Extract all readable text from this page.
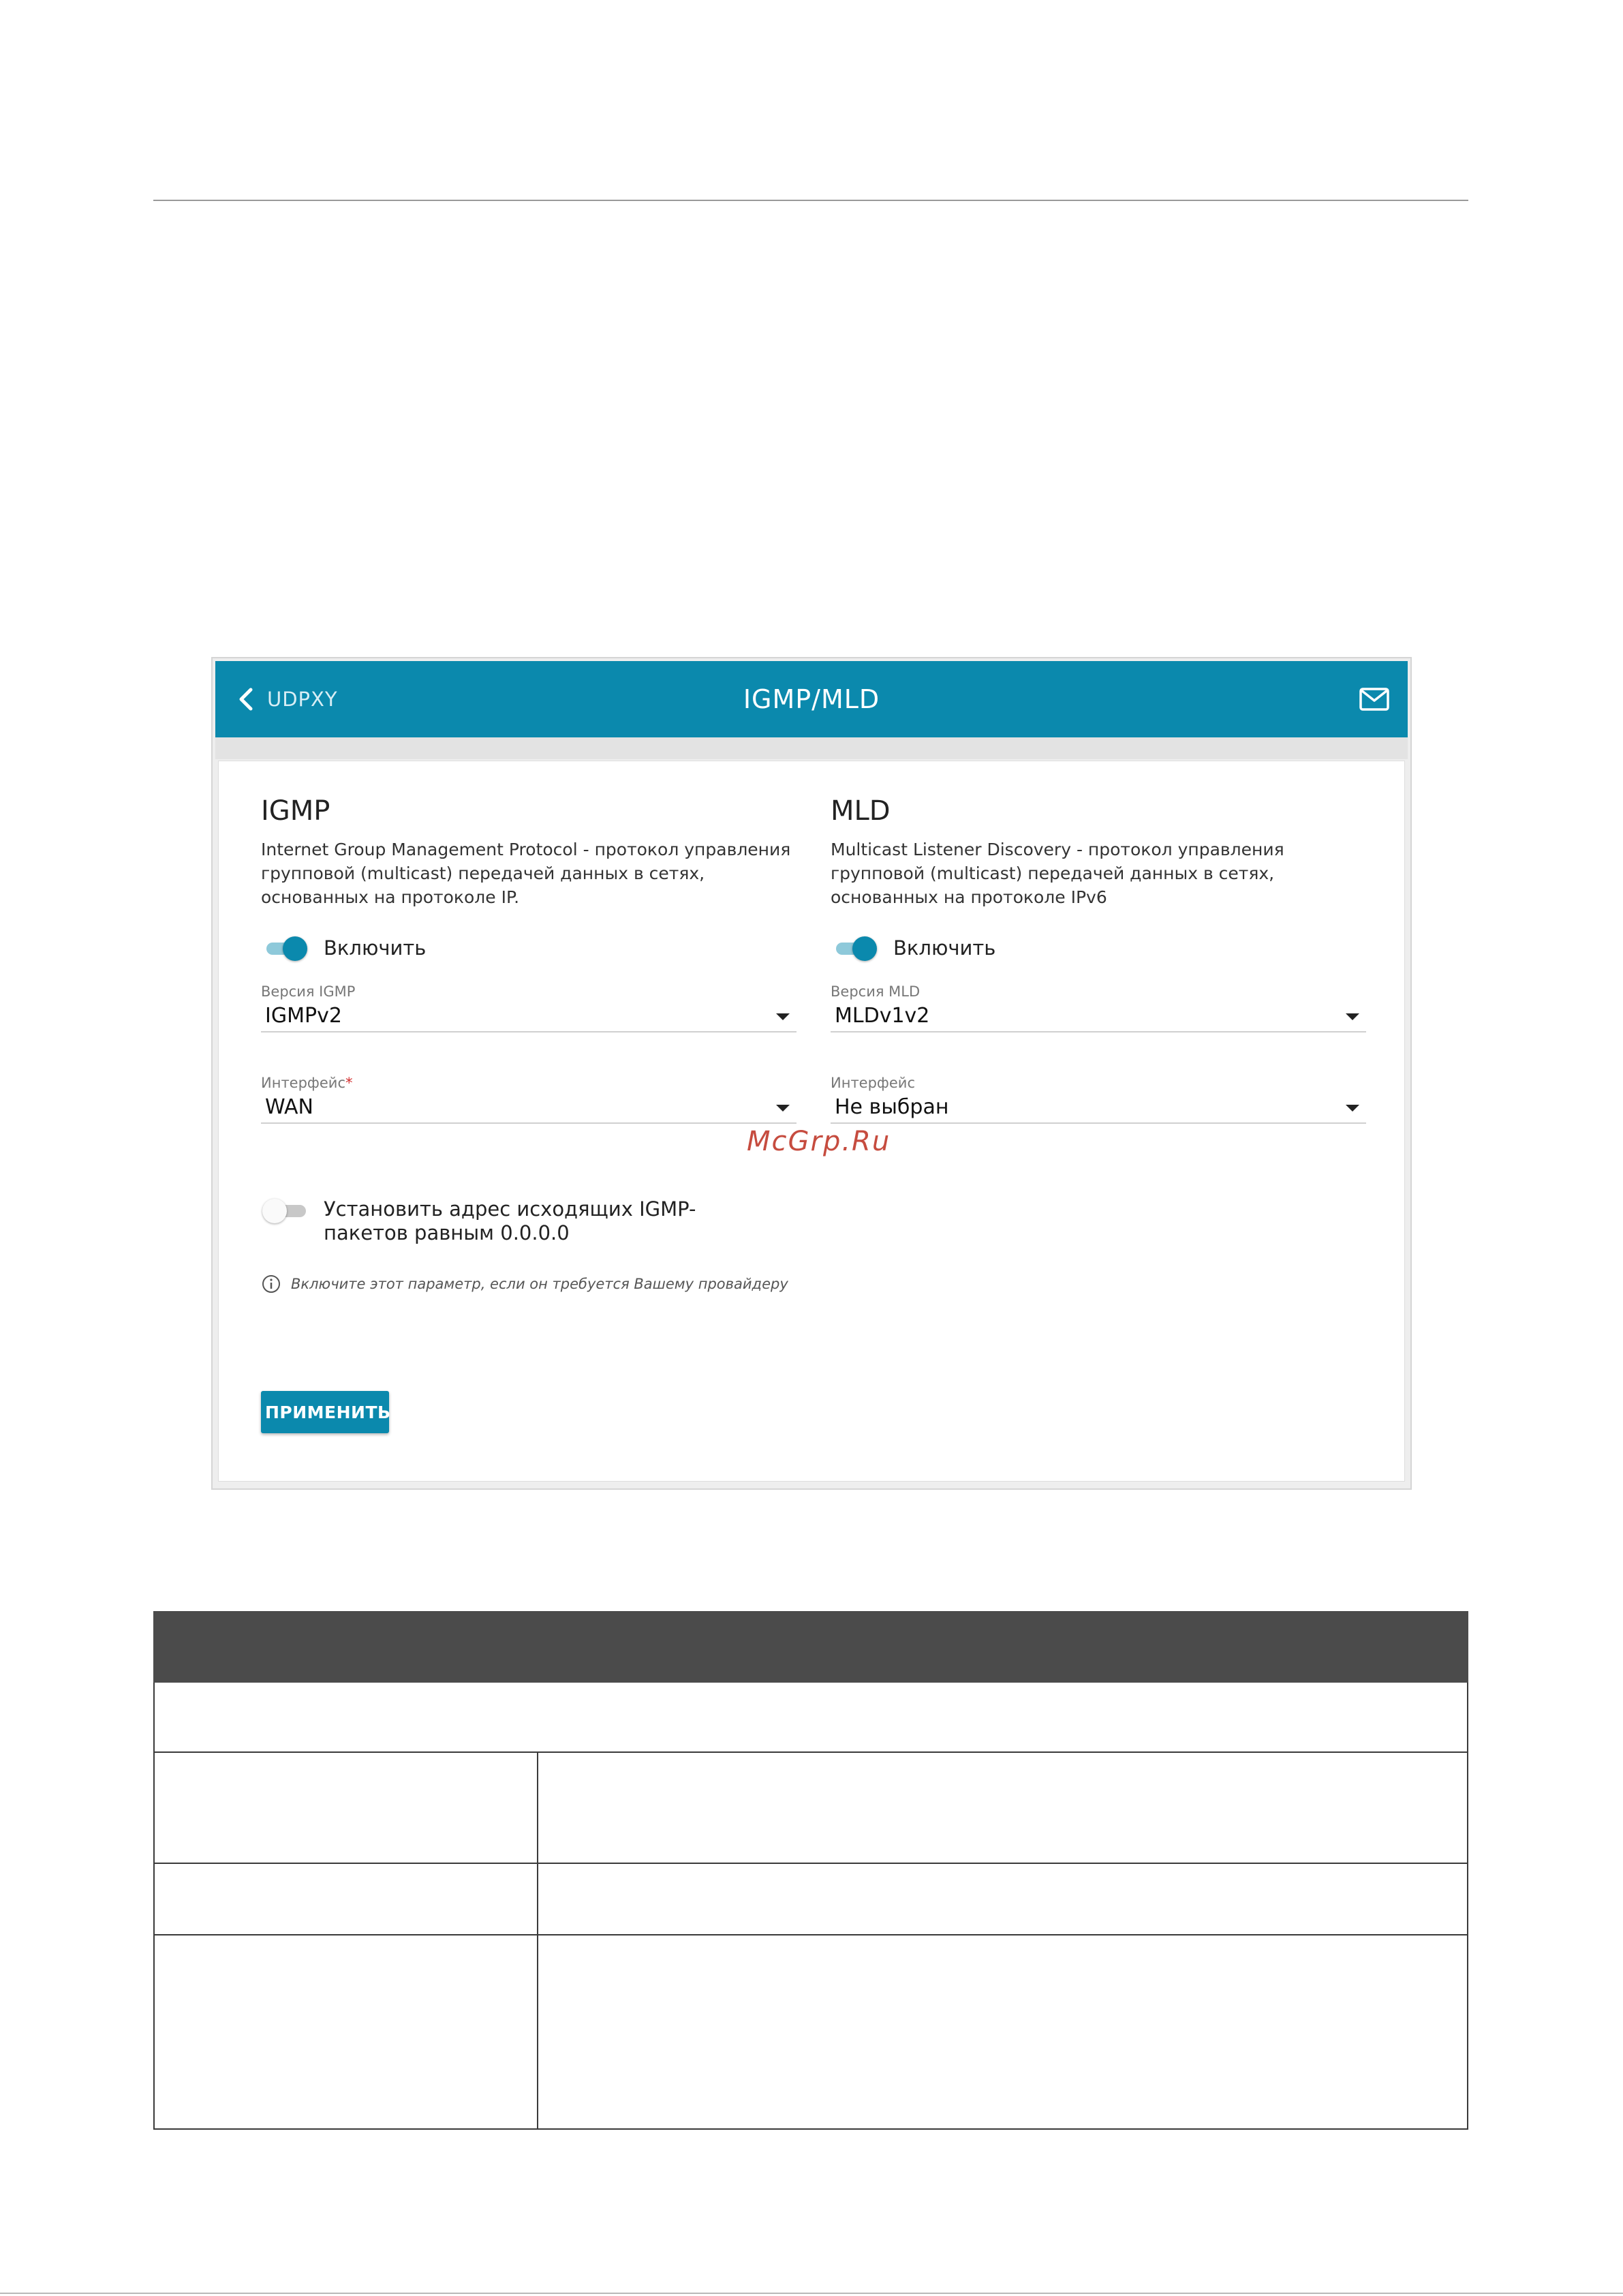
UDPXY	IGMP/MLD
IGMP

Internet Group Management Protocol - протокол управления групповой (multicast) передачей данных в сетях, основанных на протоколе IP.

Включить
Версия IGMP
IGMPv2
Интерфейс*
WAN
Установить адрес исходящих IGMP-пакетов равным 0.0.0.0
Включите этот параметр, если он требуется Вашему провайдеру
MLD

Multicast Listener Discovery - протокол управления групповой (multicast) передачей данных в сетях, основанных на протоколе IPv6

Включить
Версия MLD
MLDv1v2
Интерфейс
Не выбран
ПРИМЕНИТЬ
McGrp.Ru
